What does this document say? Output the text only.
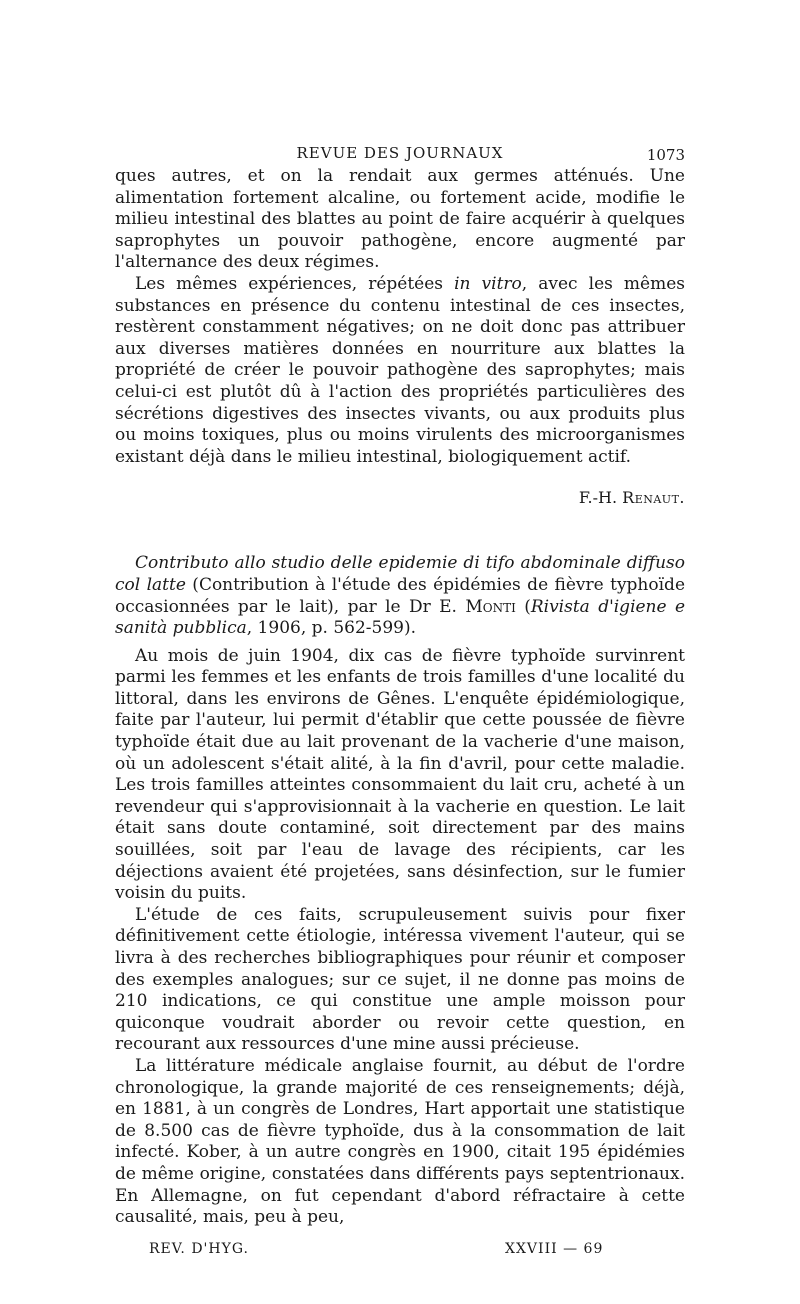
REVUE DES JOURNAUX	1073

ques autres, et on la rendait aux germes atténués. Une alimentation fortement alcaline, ou fortement acide, modifie le milieu intestinal des blattes au point de faire acquérir à quelques saprophytes un pouvoir pathogène, encore augmenté par l'alternance des deux régimes.

Les mêmes expériences, répétées in vitro, avec les mêmes substances en présence du contenu intestinal de ces insectes, restèrent constamment négatives; on ne doit donc pas attribuer aux diverses matières données en nourriture aux blattes la propriété de créer le pouvoir pathogène des saprophytes; mais celui-ci est plutôt dû à l'action des propriétés particulières des sécrétions digestives des insectes vivants, ou aux produits plus ou moins toxiques, plus ou moins virulents des microorganismes existant déjà dans le milieu intestinal, biologiquement actif.

F.-H. Renaut.

Contributo allo studio delle epidemie di tifo abdominale diffuso col latte (Contribution à l'étude des épidémies de fièvre typhoïde occasionnées par le lait), par le Dr E. Monti (Rivista d'igiene e sanità pubblica, 1906, p. 562-599).

Au mois de juin 1904, dix cas de fièvre typhoïde survinrent parmi les femmes et les enfants de trois familles d'une localité du littoral, dans les environs de Gênes. L'enquête épidémiologique, faite par l'auteur, lui permit d'établir que cette poussée de fièvre typhoïde était due au lait provenant de la vacherie d'une maison, où un adolescent s'était alité, à la fin d'avril, pour cette maladie. Les trois familles atteintes consommaient du lait cru, acheté à un revendeur qui s'approvisionnait à la vacherie en question. Le lait était sans doute contaminé, soit directement par des mains souillées, soit par l'eau de lavage des récipients, car les déjections avaient été projetées, sans désinfection, sur le fumier voisin du puits.

L'étude de ces faits, scrupuleusement suivis pour fixer définitivement cette étiologie, intéressa vivement l'auteur, qui se livra à des recherches bibliographiques pour réunir et composer des exemples analogues; sur ce sujet, il ne donne pas moins de 210 indications, ce qui constitue une ample moisson pour quiconque voudrait aborder ou revoir cette question, en recourant aux ressources d'une mine aussi précieuse.

La littérature médicale anglaise fournit, au début de l'ordre chronologique, la grande majorité de ces renseignements; déjà, en 1881, à un congrès de Londres, Hart apportait une statistique de 8.500 cas de fièvre typhoïde, dus à la consommation de lait infecté. Kober, à un autre congrès en 1900, citait 195 épidémies de même origine, constatées dans différents pays septentrionaux. En Allemagne, on fut cependant d'abord réfractaire à cette causalité, mais, peu à peu,

REV. D'HYG.	XXVIII — 69
